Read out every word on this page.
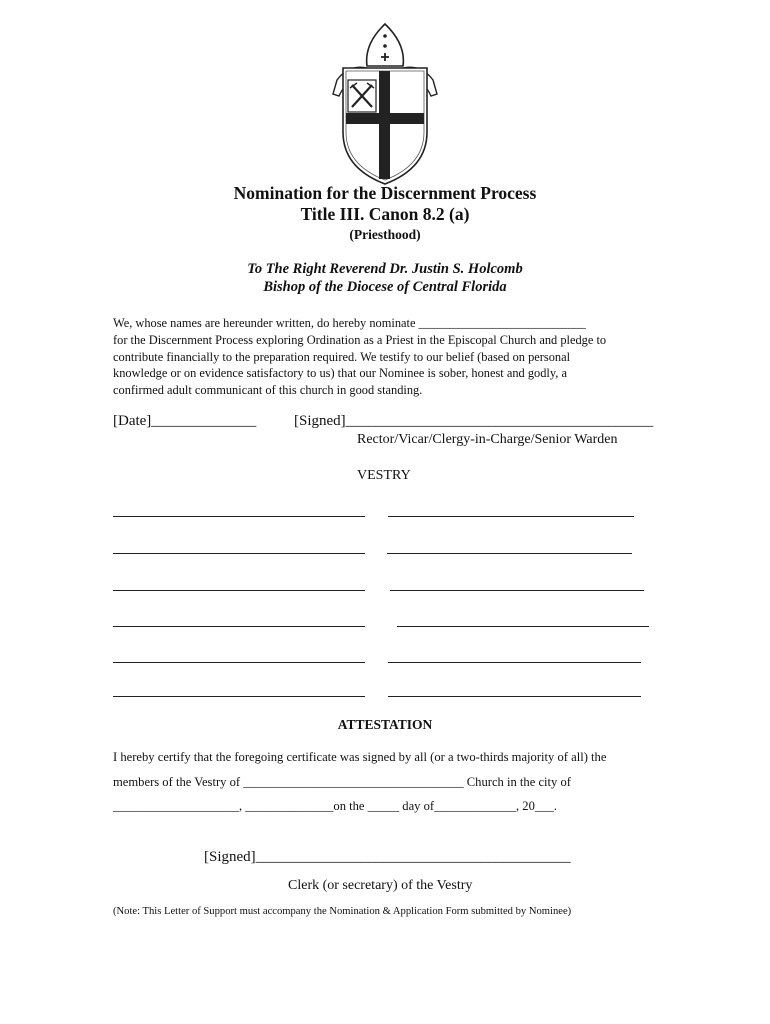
Nomination for the Discernment Process
Title III. Canon 8.2 (a)
(Priesthood)
To The Right Reverend Dr. Justin S. Holcomb
Bishop of the Diocese of Central Florida
We, whose names are hereunder written, do hereby nominate ___________________________
for the Discernment Process exploring Ordination as a Priest in the Episcopal Church and pledge to
contribute financially to the preparation required. We testify to our belief (based on personal
knowledge or on evidence satisfactory to us) that our Nominee is sober, honest and godly, a
confirmed adult communicant of this church in good standing.
[Date]______________	[Signed]_________________________________________
Rector/Vicar/Clergy-in-Charge/Senior Warden
VESTRY
ATTESTATION
I hereby certify that the foregoing certificate was signed by all (or a two-thirds majority of all) the
members of the Vestry of ___________________________________ Church in the city of
____________________, ______________on the _____ day of_____________, 20___.
[Signed]__________________________________________
Clerk (or secretary) of the Vestry
(Note: This Letter of Support must accompany the Nomination & Application Form submitted by Nominee)
